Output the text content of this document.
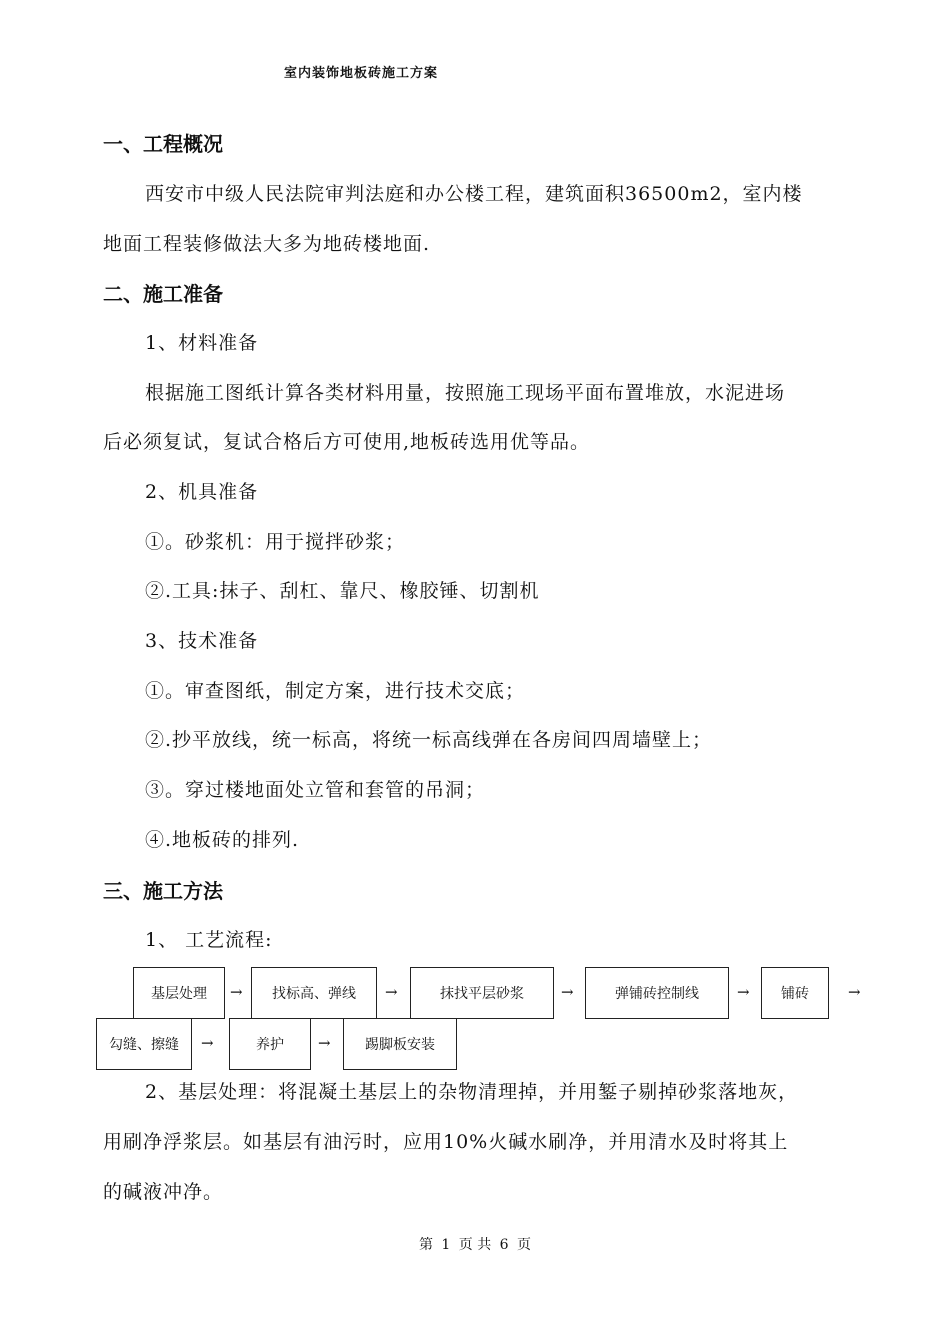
室内装饰地板砖施工方案
一、工程概况
西安市中级人民法院审判法庭和办公楼工程，建筑面积36500m2，室内楼
地面工程装修做法大多为地砖楼地面.
二、施工准备
1、材料准备
根据施工图纸计算各类材料用量，按照施工现场平面布置堆放，水泥进场
后必须复试，复试合格后方可使用,地板砖选用优等品。
2、机具准备
①。砂浆机：用于搅拌砂浆；
②.工具:抹子、刮杠、靠尺、橡胶锤、切割机
3、技术准备
①。审查图纸，制定方案，进行技术交底；
②.抄平放线，统一标高，将统一标高线弹在各房间四周墙壁上；
③。穿过楼地面处立管和套管的吊洞；
④.地板砖的排列.
三、施工方法
1、 工艺流程:
基层处理	→	找标高、弹线	→	抹找平层砂浆	→	弹铺砖控制线	→	铺砖	→
勾缝、擦缝	→	养护	→	踢脚板安装
2、基层处理：将混凝土基层上的杂物清理掉，并用錾子剔掉砂浆落地灰，
用刷净浮浆层。如基层有油污时，应用10%火碱水刷净，并用清水及时将其上
的碱液冲净。
第 1 页 共 6 页
